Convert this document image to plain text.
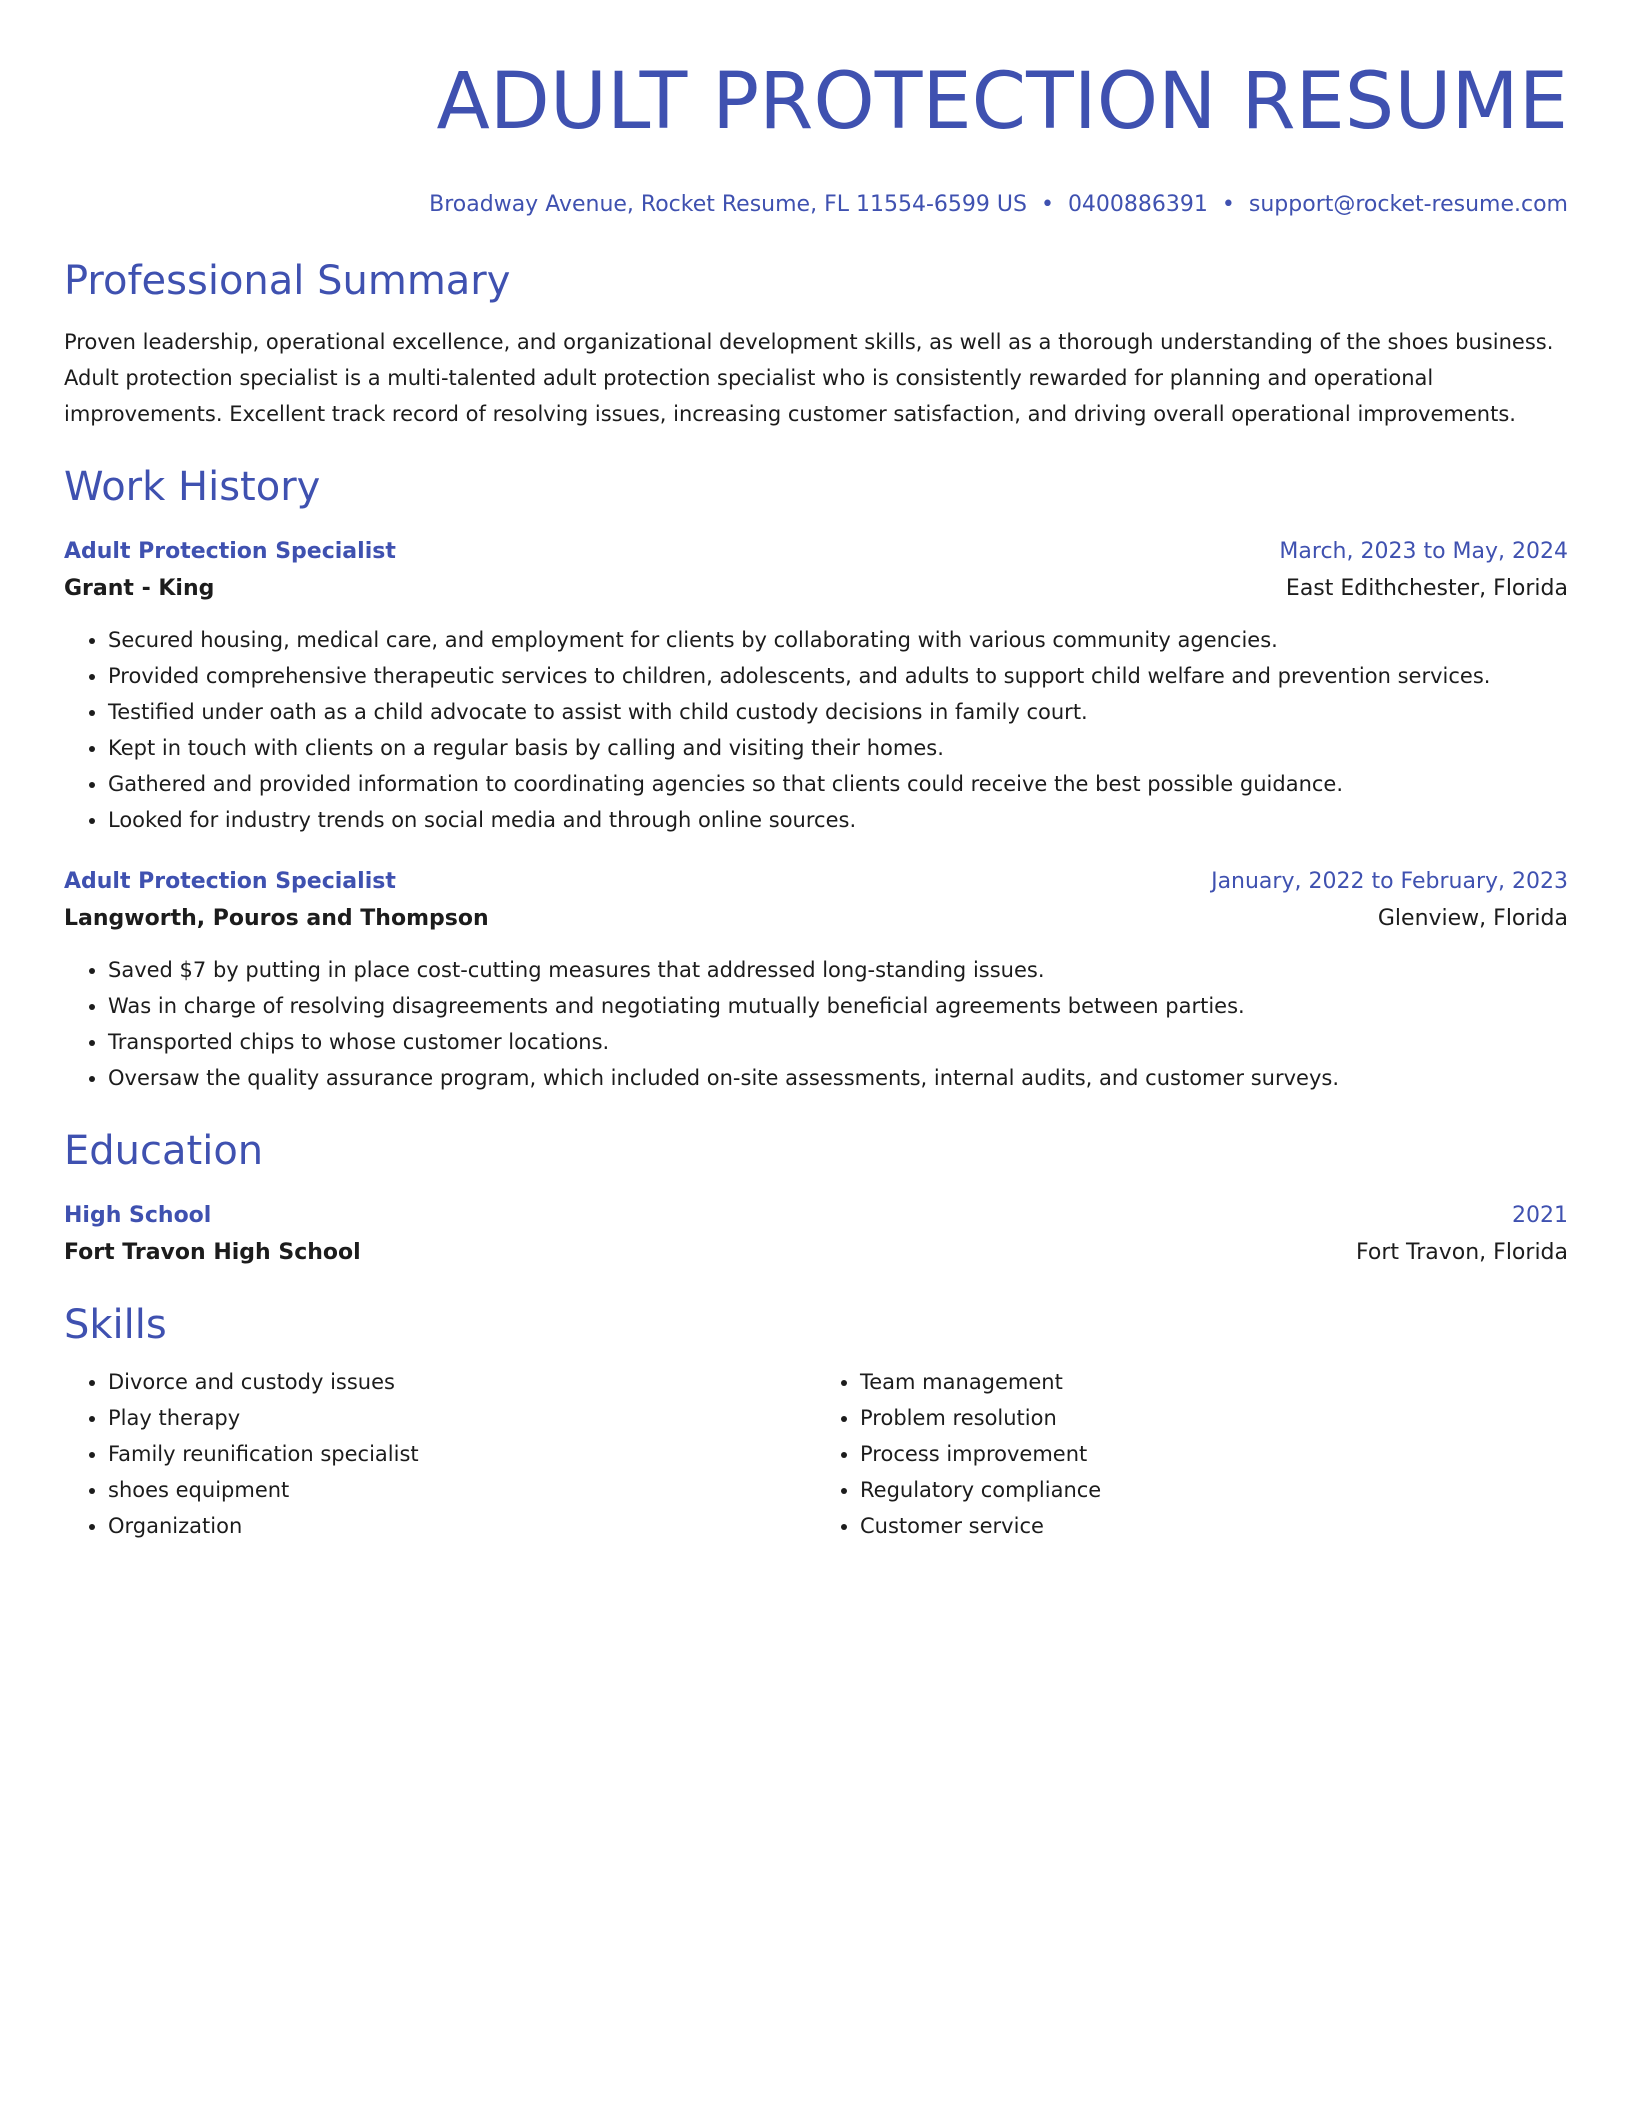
ADULT PROTECTION RESUME
Broadway Avenue, Rocket Resume, FL 11554-6599 US • 0400886391 • support@rocket-resume.com
Professional Summary
Proven leadership, operational excellence, and organizational development skills, as well as a thorough understanding of the shoes business. Adult protection specialist is a multi-talented adult protection specialist who is consistently rewarded for planning and operational improvements. Excellent track record of resolving issues, increasing customer satisfaction, and driving overall operational improvements.
Work History
Adult Protection Specialist	March, 2023 to May, 2024
Grant - King	East Edithchester, Florida
• Secured housing, medical care, and employment for clients by collaborating with various community agencies.
• Provided comprehensive therapeutic services to children, adolescents, and adults to support child welfare and prevention services.
• Testified under oath as a child advocate to assist with child custody decisions in family court.
• Kept in touch with clients on a regular basis by calling and visiting their homes.
• Gathered and provided information to coordinating agencies so that clients could receive the best possible guidance.
• Looked for industry trends on social media and through online sources.
Adult Protection Specialist	January, 2022 to February, 2023
Langworth, Pouros and Thompson	Glenview, Florida
• Saved $7 by putting in place cost-cutting measures that addressed long-standing issues.
• Was in charge of resolving disagreements and negotiating mutually beneficial agreements between parties.
• Transported chips to whose customer locations.
• Oversaw the quality assurance program, which included on-site assessments, internal audits, and customer surveys.
Education
High School	2021
Fort Travon High School	Fort Travon, Florida
Skills
• Divorce and custody issues
• Play therapy
• Family reunification specialist
• shoes equipment
• Organization
• Team management
• Problem resolution
• Process improvement
• Regulatory compliance
• Customer service
